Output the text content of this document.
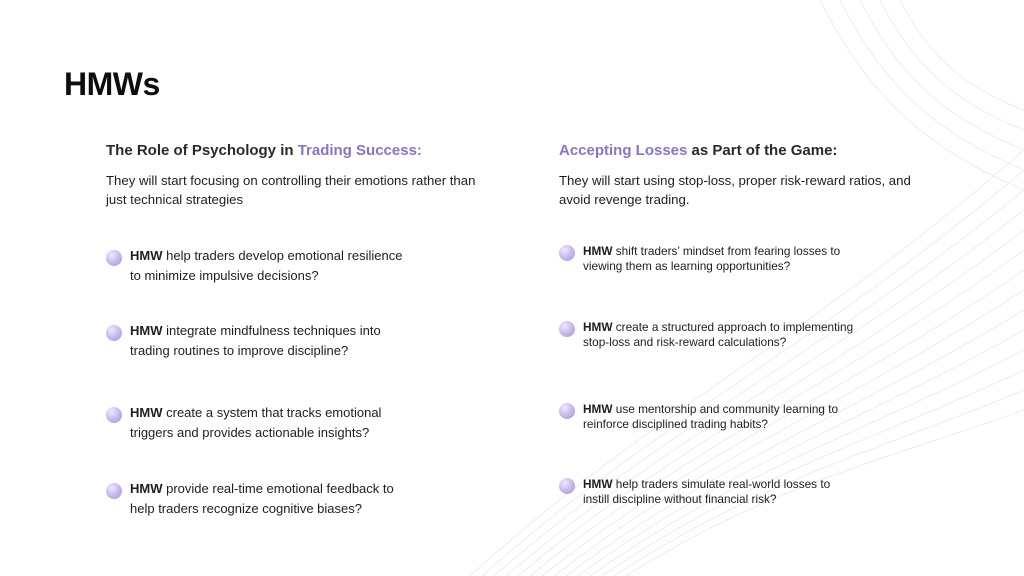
HMWs
The Role of Psychology in Trading Success:

They will start focusing on controlling their emotions rather than just technical strategies

HMW help traders develop emotional resilience to minimize impulsive decisions?
HMW integrate mindfulness techniques into trading routines to improve discipline?
HMW create a system that tracks emotional triggers and provides actionable insights?
HMW provide real-time emotional feedback to help traders recognize cognitive biases?
Accepting Losses as Part of the Game:

They will start using stop-loss, proper risk-reward ratios, and avoid revenge trading.

HMW shift traders’ mindset from fearing losses to viewing them as learning opportunities?
HMW create a structured approach to implementing stop-loss and risk-reward calculations?
HMW use mentorship and community learning to reinforce disciplined trading habits?
HMW help traders simulate real-world losses to instill discipline without financial risk?
